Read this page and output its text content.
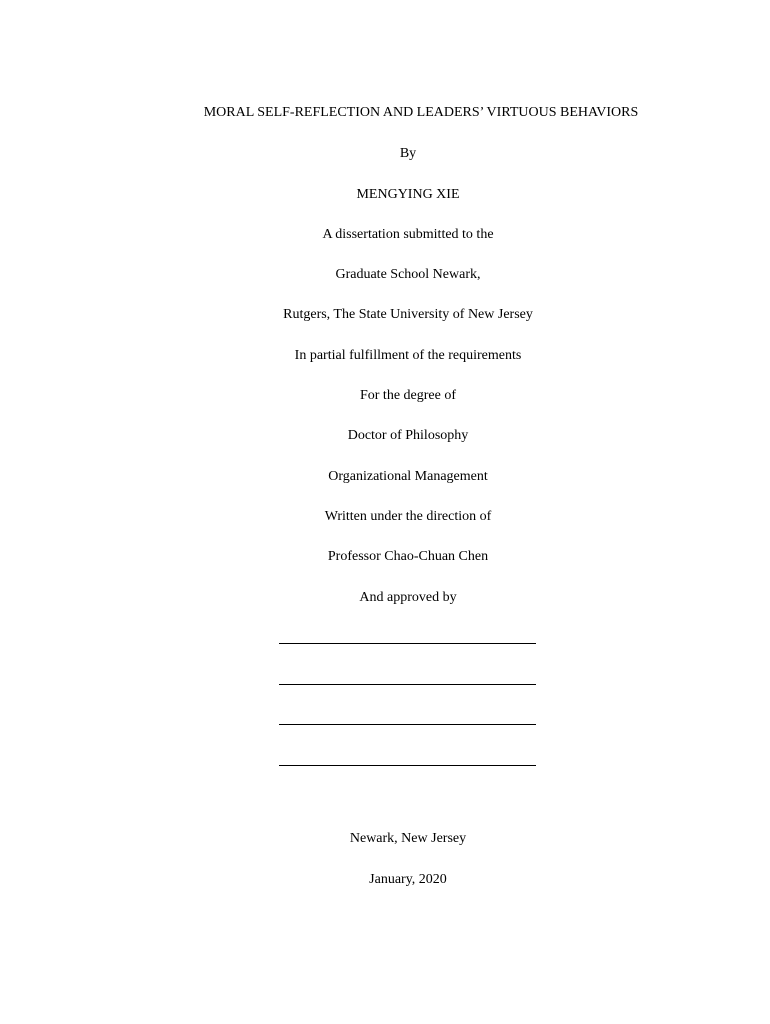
MORAL SELF-REFLECTION AND LEADERS’ VIRTUOUS BEHAVIORS
By
MENGYING XIE
A dissertation submitted to the
Graduate School Newark,
Rutgers, The State University of New Jersey
In partial fulfillment of the requirements
For the degree of
Doctor of Philosophy
Organizational Management
Written under the direction of
Professor Chao-Chuan Chen
And approved by
Newark, New Jersey
January, 2020
